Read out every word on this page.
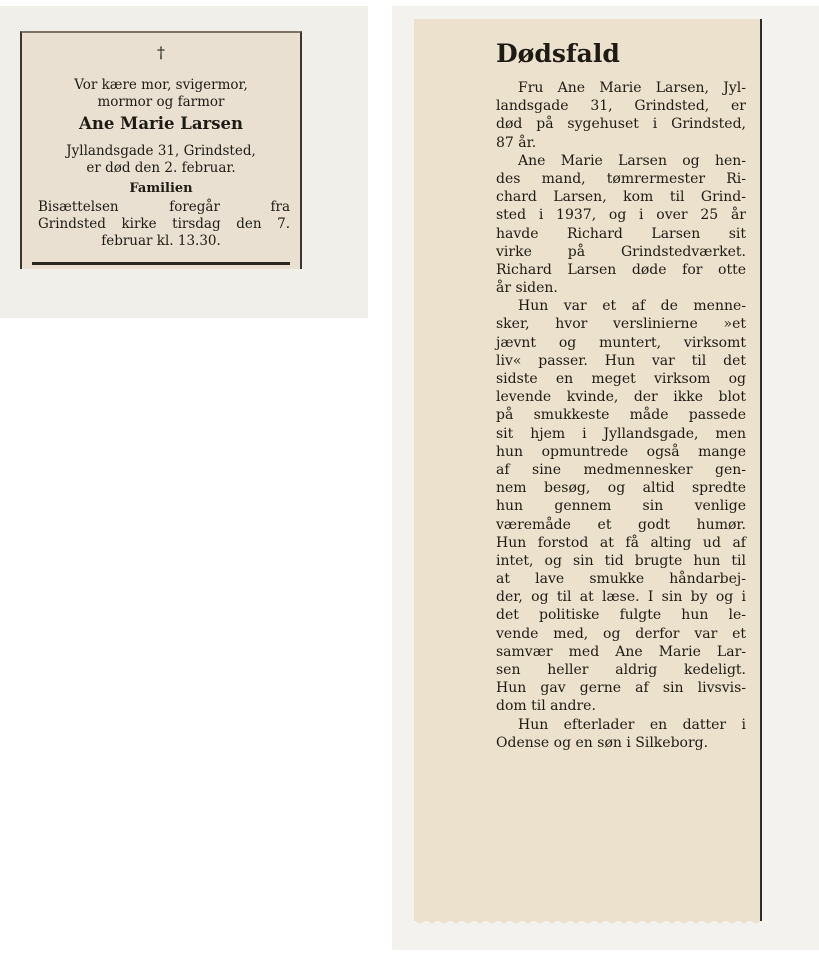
†
Vor kære mor, svigermor,
mormor og farmor
Ane Marie Larsen
Jyllandsgade 31, Grindsted,
er død den 2. februar.
Familien
Bisættelsen foregår fra
Grindsted kirke tirsdag den 7.
februar kl. 13.30.
Dødsfald
Fru Ane Marie Larsen, Jyl-
landsgade 31, Grindsted, er
død på sygehuset i Grindsted,
87 år.
Ane Marie Larsen og hen-
des mand, tømrermester Ri-
chard Larsen, kom til Grind-
sted i 1937, og i over 25 år
havde Richard Larsen sit
virke på Grindstedværket.
Richard Larsen døde for otte
år siden.
Hun var et af de menne-
sker, hvor verslinierne »et
jævnt og muntert, virksomt
liv« passer. Hun var til det
sidste en meget virksom og
levende kvinde, der ikke blot
på smukkeste måde passede
sit hjem i Jyllandsgade, men
hun opmuntrede også mange
af sine medmennesker gen-
nem besøg, og altid spredte
hun gennem sin venlige
væremåde et godt humør.
Hun forstod at få alting ud af
intet, og sin tid brugte hun til
at lave smukke håndarbej-
der, og til at læse. I sin by og i
det politiske fulgte hun le-
vende med, og derfor var et
samvær med Ane Marie Lar-
sen heller aldrig kedeligt.
Hun gav gerne af sin livsvis-
dom til andre.
Hun efterlader en datter i
Odense og en søn i Silkeborg.
